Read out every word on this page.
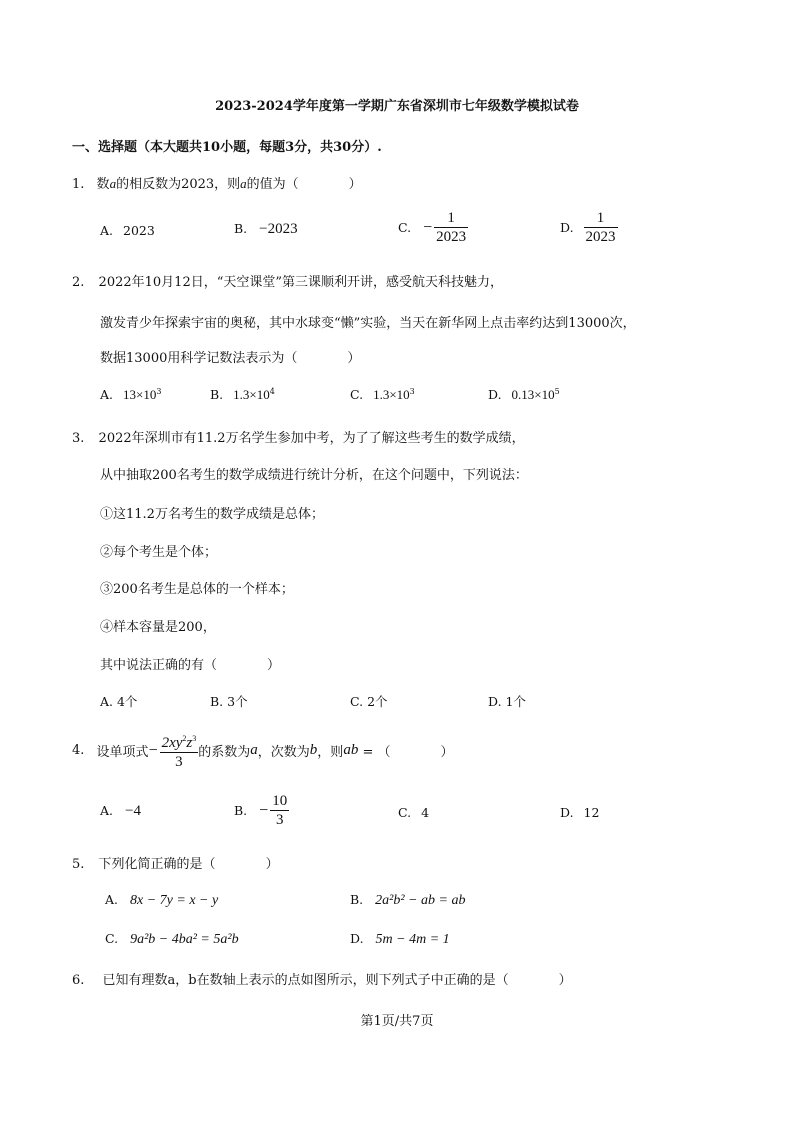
2023-2024学年度第一学期广东省深圳市七年级数学模拟试卷
一、选择题（本大题共10小题，每题3分，共30分）.
1. 数a的相反数为2023，则a的值为（	）
A. 2023	B. −2023	C. − $\frac{1}{2023}$	D. $\frac{1}{2023}$
2. 2022年10月12日，“天空课堂”第三课顺利开讲，感受航天科技魅力，
激发青少年探索宇宙的奥秘，其中水球变“懒”实验，当天在新华网上点击率约达到13000次，
数据13000用科学记数法表示为（	）
A. $13\times 10^3$	B. $1.3\times 10^4$	C. $1.3\times 10^3$	D. $0.13\times 10^5$
3. 2022年深圳市有11.2万名学生参加中考，为了了解这些考生的数学成绩，
从中抽取200名考生的数学成绩进行统计分析，在这个问题中，下列说法：
①这11.2万名考生的数学成绩是总体；
②每个考生是个体；
③200名考生是总体的一个样本；
④样本容量是200，
其中说法正确的有（	）
A. 4个	B. 3个	C. 2个	D. 1个
4. 设单项式− $\frac{2xy^2z^3}{3}$ 的系数为a，次数为b，则ab = （	）
A. −4	B. − $\frac{10}{3}$	C. 4	D. 12
5. 下列化简正确的是（	）
A. 8x − 7y = x − y	B. 2a²b² − ab = ab
C. 9a²b − 4ba² = 5a²b	D. 5m − 4m = 1
6. 已知有理数a，b在数轴上表示的点如图所示，则下列式子中正确的是（	）
第1页/共7页
